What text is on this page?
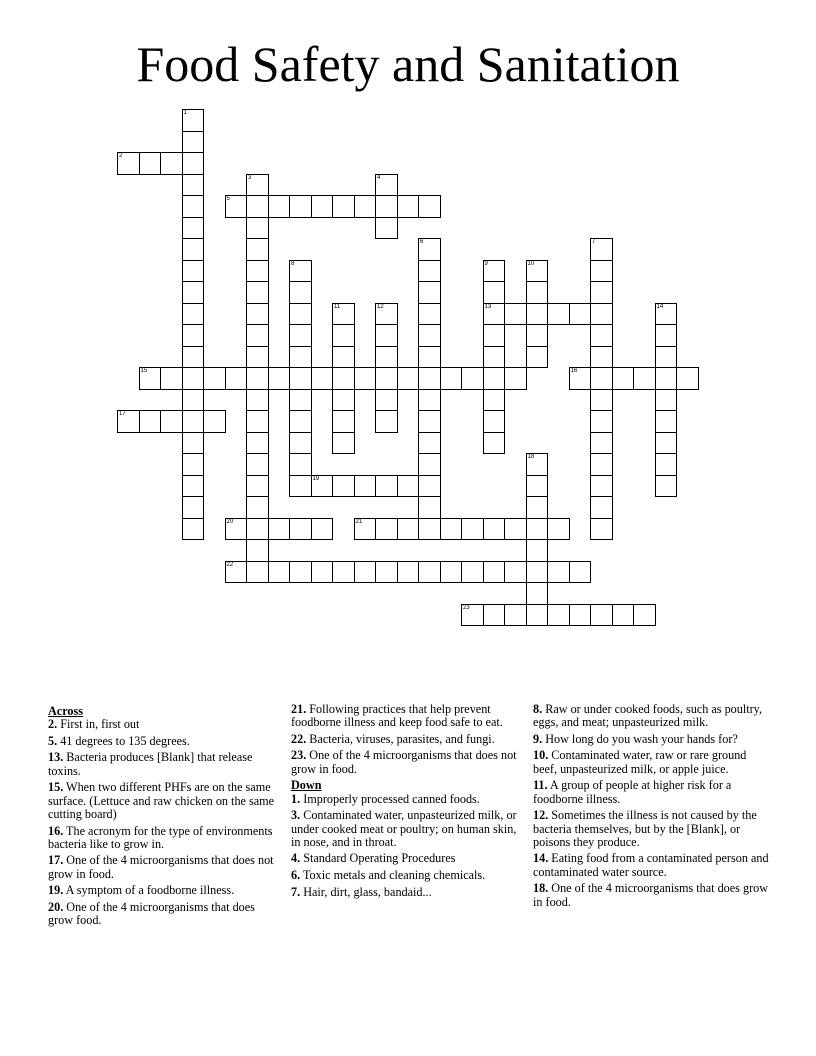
Food Safety and Sanitation
1
2
3	4
5
6	7
8	9
13
10
11	12	14
15	16
17
18
19
20	21
22
23
Across
2. First in, first out
5. 41 degrees to 135 degrees.
13. Bacteria produces [Blank] that release toxins.
15. When two different PHFs are on the same surface. (Lettuce and raw chicken on the same cutting board)
16. The acronym for the type of environments bacteria like to grow in.
17. One of the 4 microorganisms that does not grow in food.
19. A symptom of a foodborne illness.
20. One of the 4 microorganisms that does grow food.
21. Following practices that help prevent foodborne illness and keep food safe to eat.
22. Bacteria, viruses, parasites, and fungi.
23. One of the 4 microorganisms that does not grow in food.
Down
1. Improperly processed canned foods.
3. Contaminated water, unpasteurized milk, or under cooked meat or poultry; on human skin, in nose, and in throat.
4. Standard Operating Procedures
6. Toxic metals and cleaning chemicals.
7. Hair, dirt, glass, bandaid...
8. Raw or under cooked foods, such as poultry, eggs, and meat; unpasteurized milk.
9. How long do you wash your hands for?
10. Contaminated water, raw or rare ground beef, unpasteurized milk, or apple juice.
11. A group of people at higher risk for a foodborne illness.
12. Sometimes the illness is not caused by the bacteria themselves, but by the [Blank], or poisons they produce.
14. Eating food from a contaminated person and contaminated water source.
18. One of the 4 microorganisms that does grow in food.
